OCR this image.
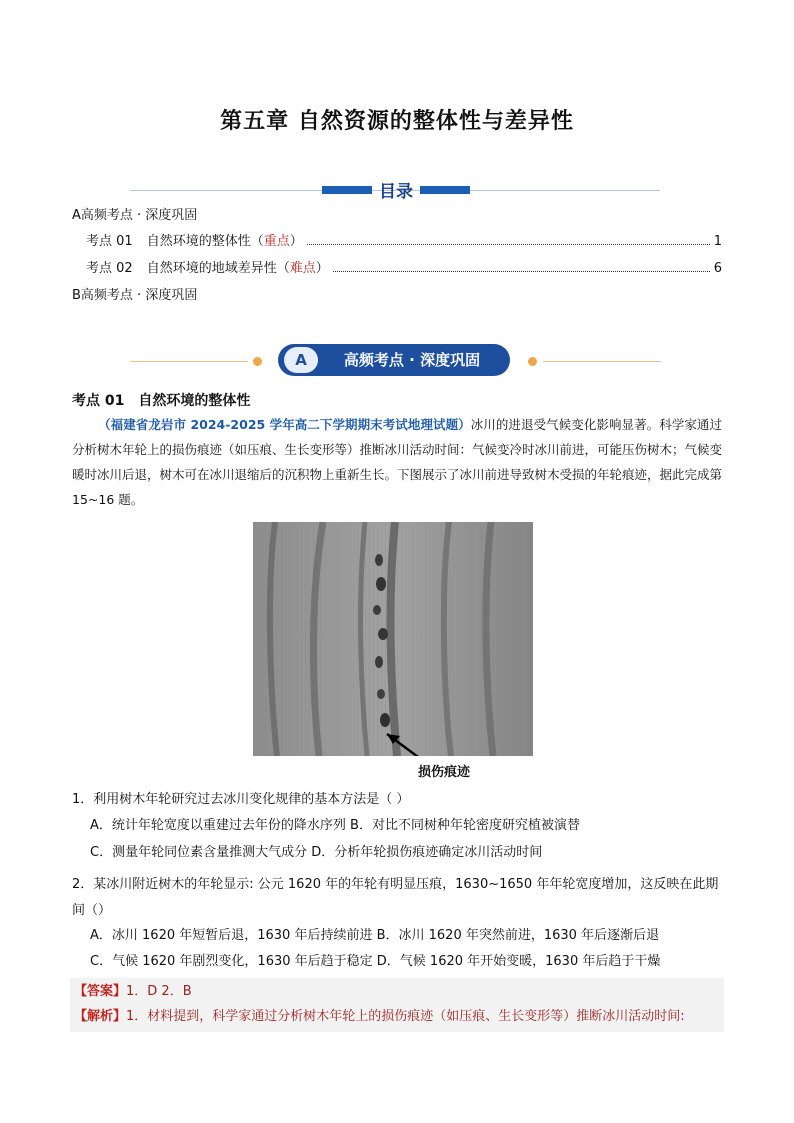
第五章 自然资源的整体性与差异性
目录
A高频考点 · 深度巩固
考点 01 自然环境的整体性（ 重点 ）	1
考点 02 自然环境的地域差异性（ 难点 ）	6
B高频考点 · 深度巩固
A	高频考点 · 深度巩固
考点 01 自然环境的整体性
（福建省龙岩市 2024-2025 学年高二下学期期末考试地理试题）冰川的进退受气候变化影响显著。科学家通过分析树木年轮上的损伤痕迹（如压痕、生长变形等）推断冰川活动时间：气候变冷时冰川前进，可能压伤树木；气候变暖时冰川后退，树木可在冰川退缩后的沉积物上重新生长。下图展示了冰川前进导致树木受损的年轮痕迹，据此完成第 15~16 题。
损伤痕迹
1．利用树木年轮研究过去冰川变化规律的基本方法是（ ）
A．统计年轮宽度以重建过去年份的降水序列 B．对比不同树种年轮密度研究植被演替
C．测量年轮同位素含量推测大气成分 D．分析年轮损伤痕迹确定冰川活动时间
2．某冰川附近树木的年轮显示: 公元 1620 年的年轮有明显压痕，1630~1650 年年轮宽度增加，这反映在此期间（）
A．冰川 1620 年短暂后退，1630 年后持续前进 B．冰川 1620 年突然前进，1630 年后逐渐后退
C．气候 1620 年剧烈变化，1630 年后趋于稳定 D．气候 1620 年开始变暖，1630 年后趋于干燥
【答案】1．D 2．B
【解析】1．材料提到，科学家通过分析树木年轮上的损伤痕迹（如压痕、生长变形等）推断冰川活动时间:
